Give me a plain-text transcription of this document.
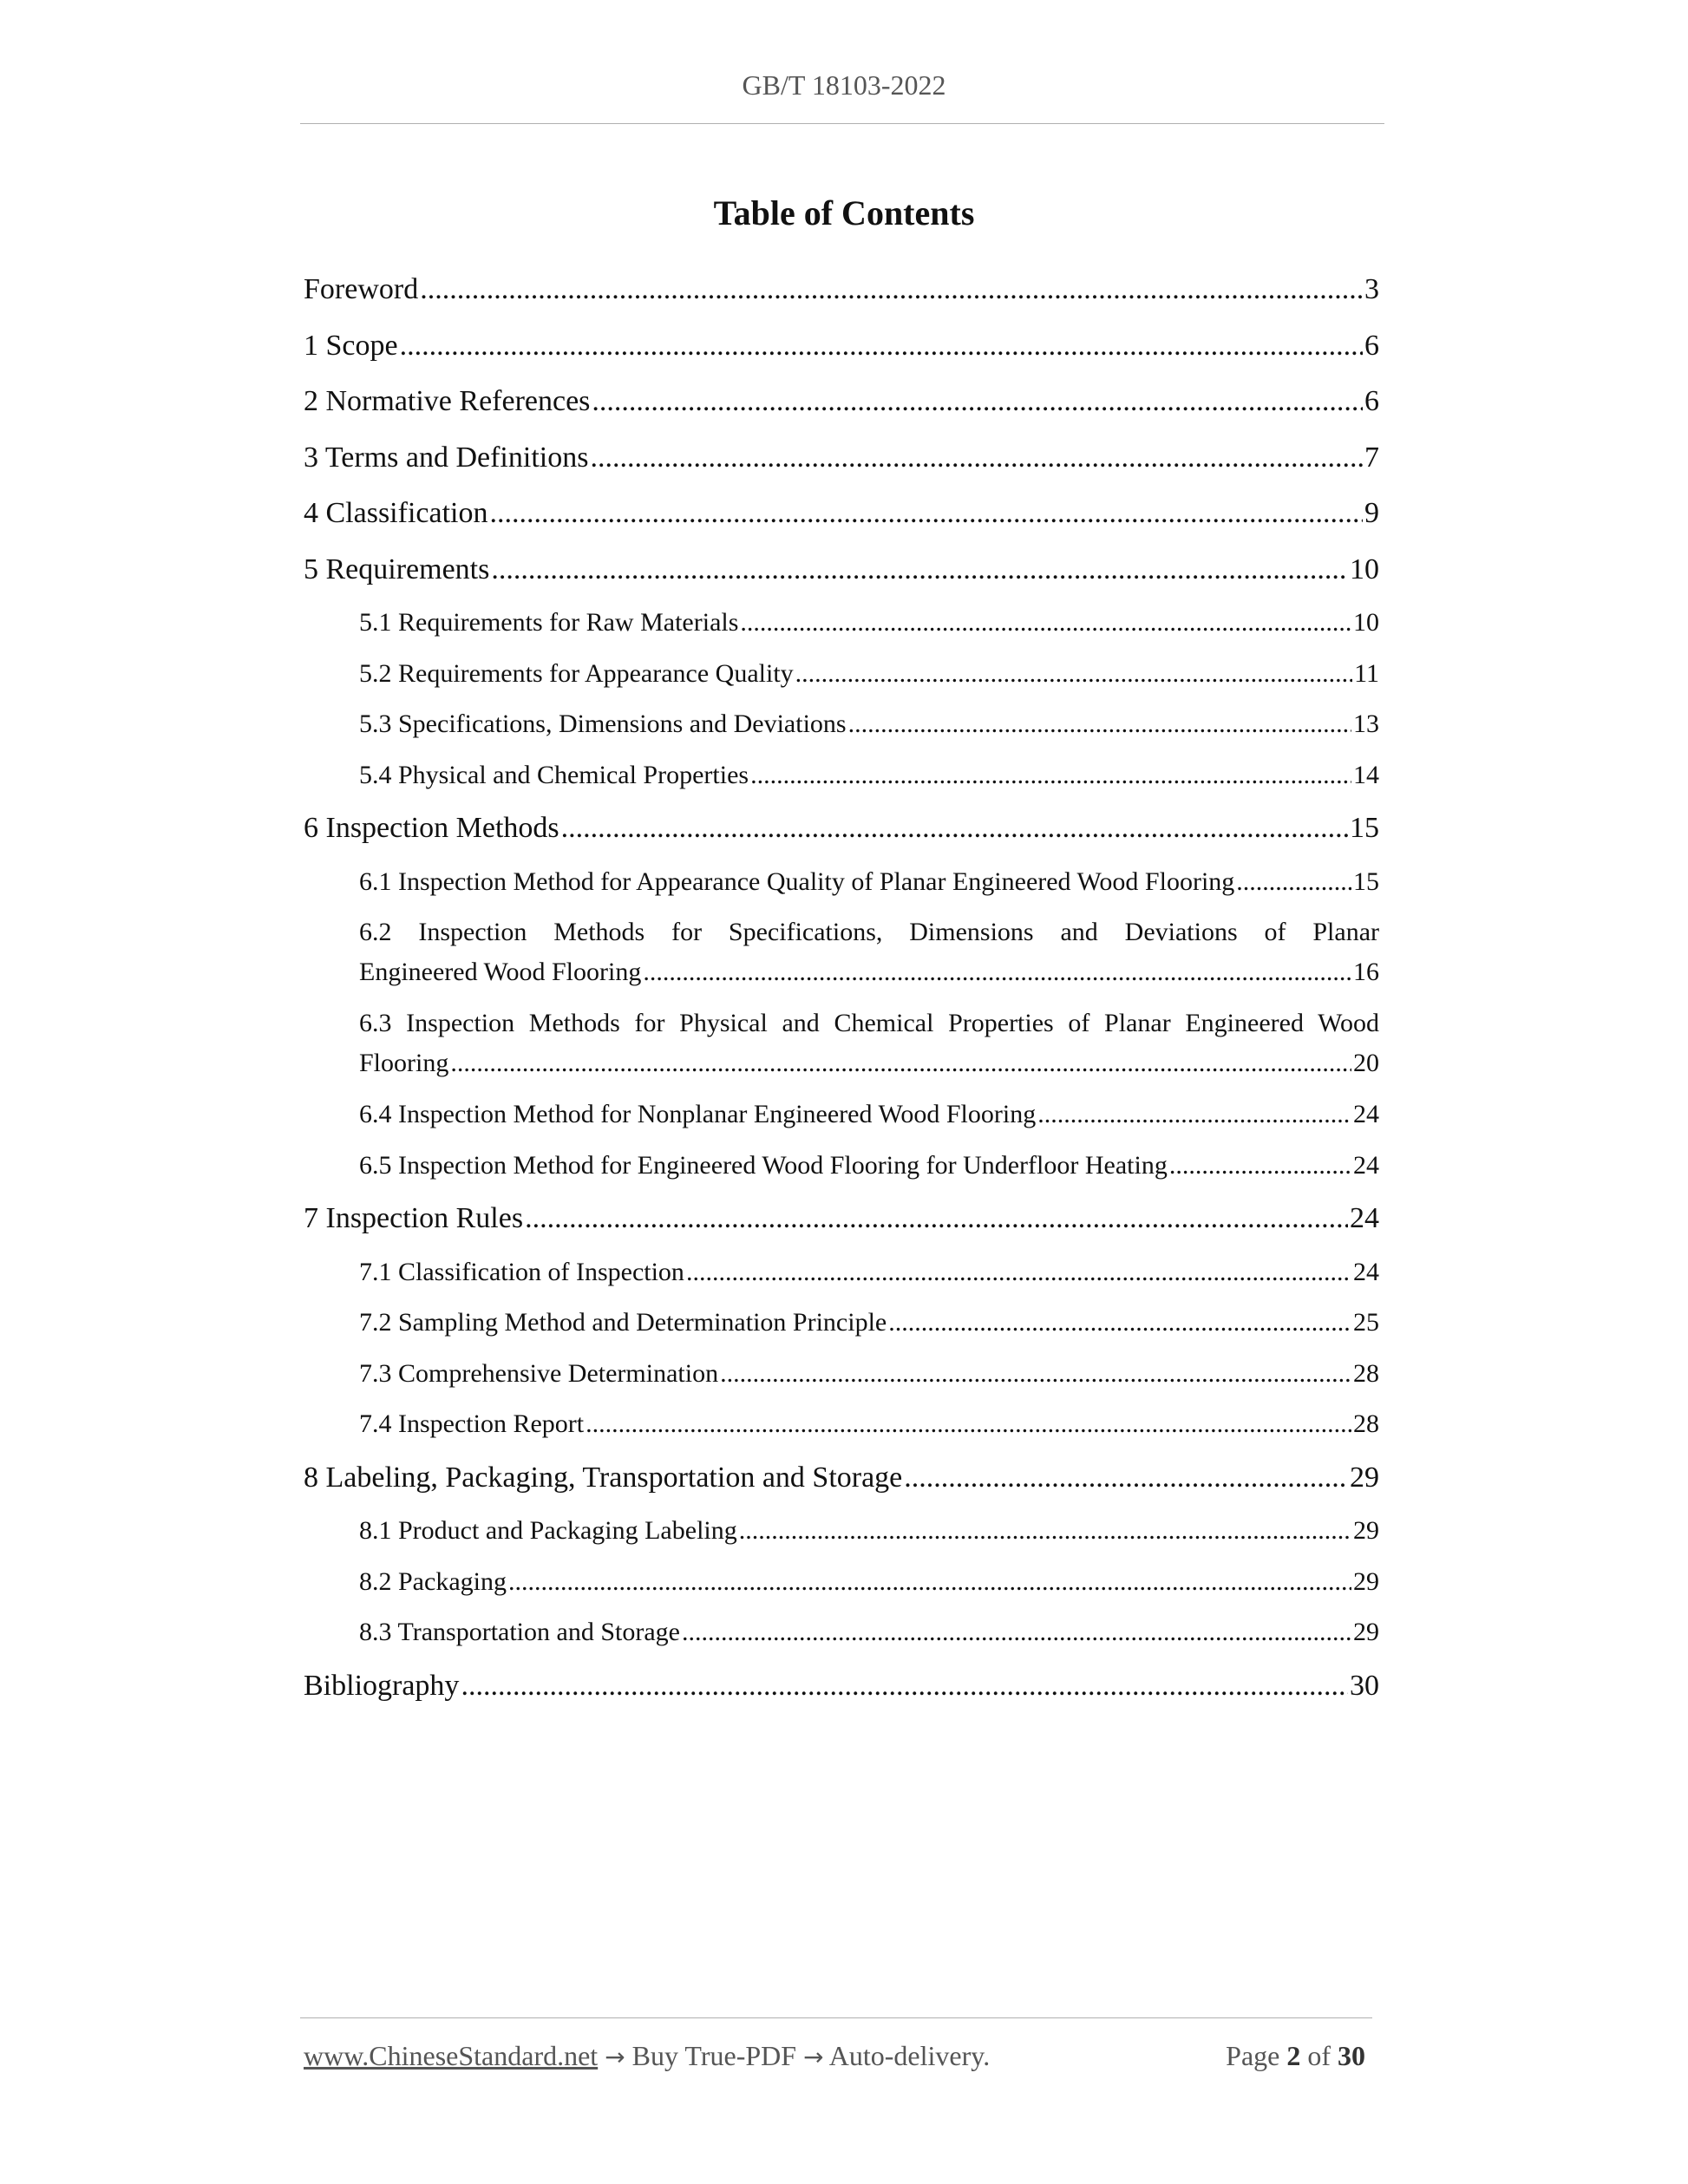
GB/T 18103-2022
Table of Contents
Foreword .....	3
1 Scope .....	6
2 Normative References .....	6
3 Terms and Definitions .....	7
4 Classification .....	9
5 Requirements .....	10
5.1 Requirements for Raw Materials .....	10
5.2 Requirements for Appearance Quality .....	11
5.3 Specifications, Dimensions and Deviations .....	13
5.4 Physical and Chemical Properties .....	14
6 Inspection Methods .....	15
6.1 Inspection Method for Appearance Quality of Planar Engineered Wood Flooring .....	15
6.2 Inspection Methods for Specifications, Dimensions and Deviations of Planar
Engineered Wood Flooring .....	16
6.3 Inspection Methods for Physical and Chemical Properties of Planar Engineered Wood
Flooring .....	20
6.4 Inspection Method for Nonplanar Engineered Wood Flooring .....	24
6.5 Inspection Method for Engineered Wood Flooring for Underfloor Heating .....	24
7 Inspection Rules .....	24
7.1 Classification of Inspection .....	24
7.2 Sampling Method and Determination Principle .....	25
7.3 Comprehensive Determination .....	28
7.4 Inspection Report .....	28
8 Labeling, Packaging, Transportation and Storage .....	29
8.1 Product and Packaging Labeling .....	29
8.2 Packaging .....	29
8.3 Transportation and Storage .....	29
Bibliography .....	30
www.ChineseStandard.net → Buy True-PDF → Auto-delivery.	Page 2 of 30
